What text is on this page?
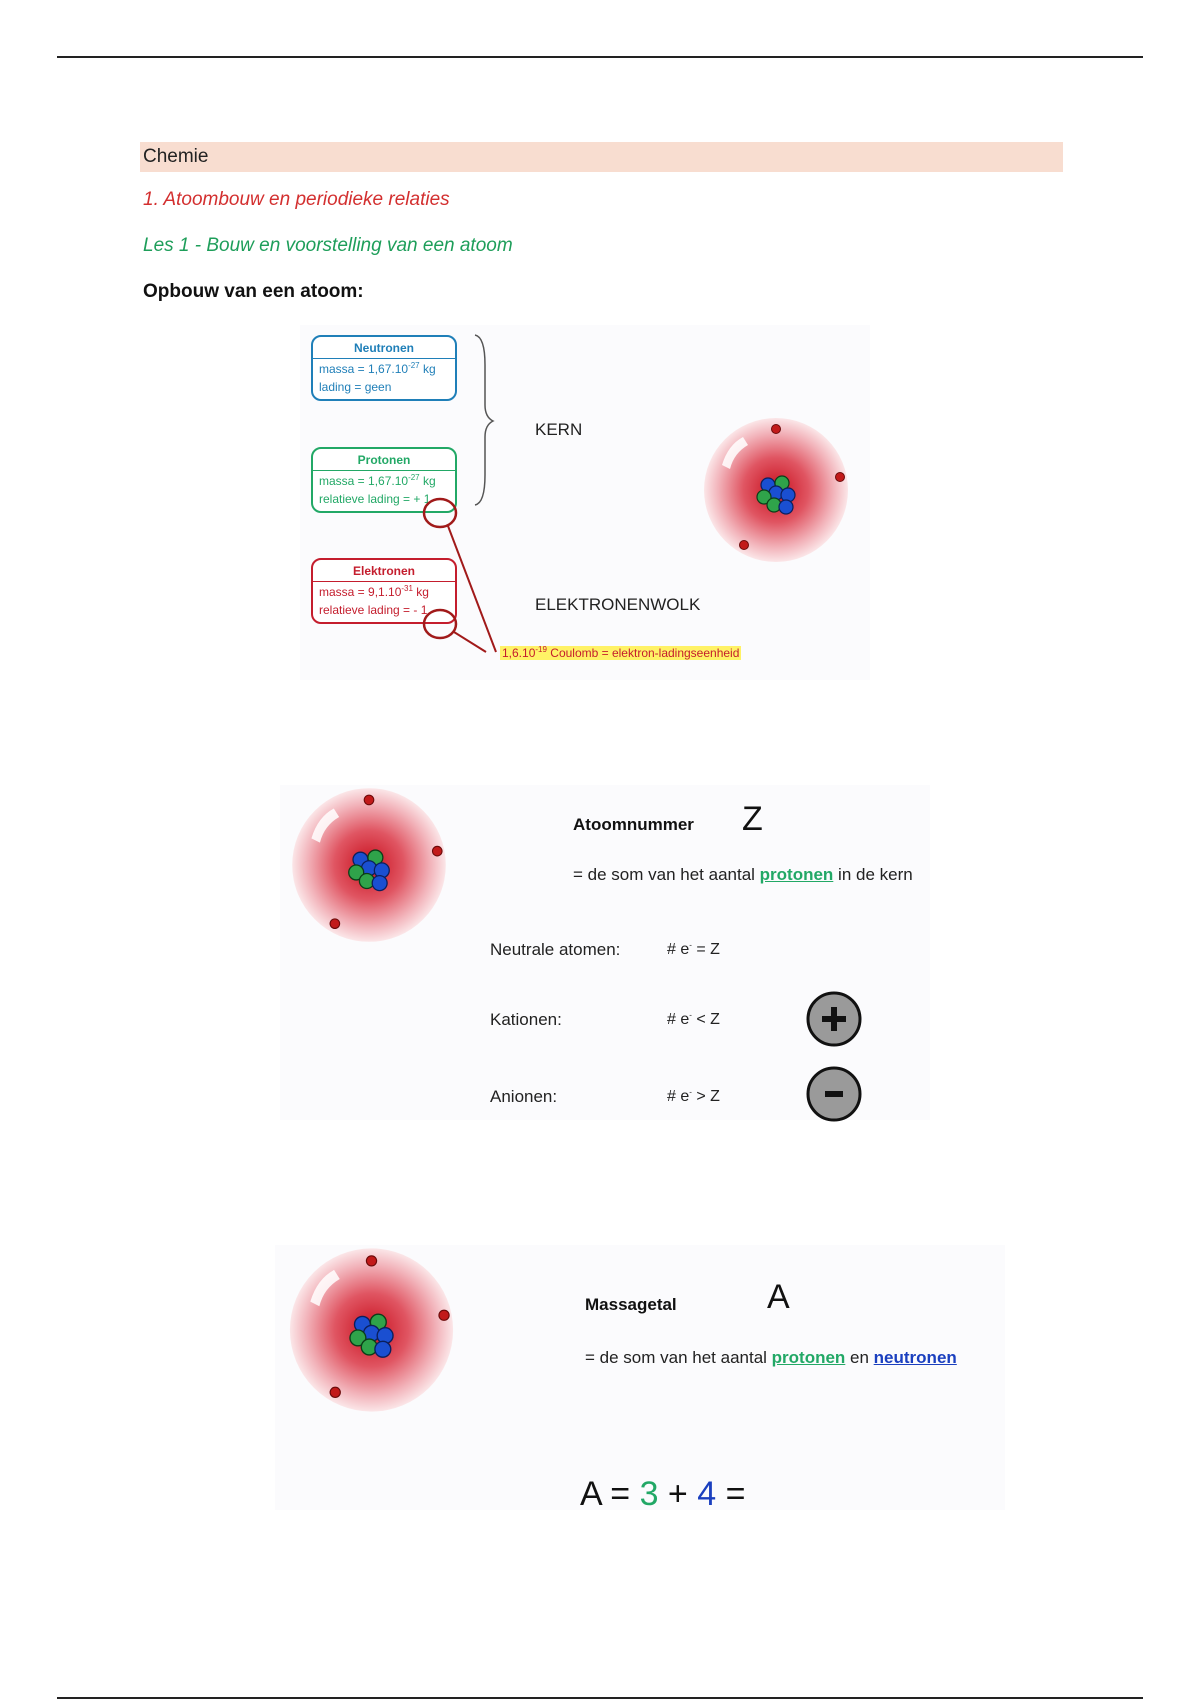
Chemie
1. Atoombouw en periodieke relaties
Les 1 - Bouw en voorstelling van een atoom
Opbouw van een atoom:
Neutronen
massa = $1,67.10^{-27}$ kg
lading = geen
Protonen
massa = $1,67.10^{-27}$ kg
relatieve lading = + 1
Elektronen
massa = $9,1.10^{-31}$ kg
relatieve lading = - 1
KERN
ELEKTRONENWOLK
$1,6.10^{-19}$ Coulomb = elektron-ladingseenheid
Atoomnummer Z
= de som van het aantal protonen in de kern
Neutrale atomen:	# e- = Z
Kationen:	# e- < Z
Anionen:	# e- > Z
Massagetal	A
= de som van het aantal protonen en neutronen
A = 3 + 4 =
